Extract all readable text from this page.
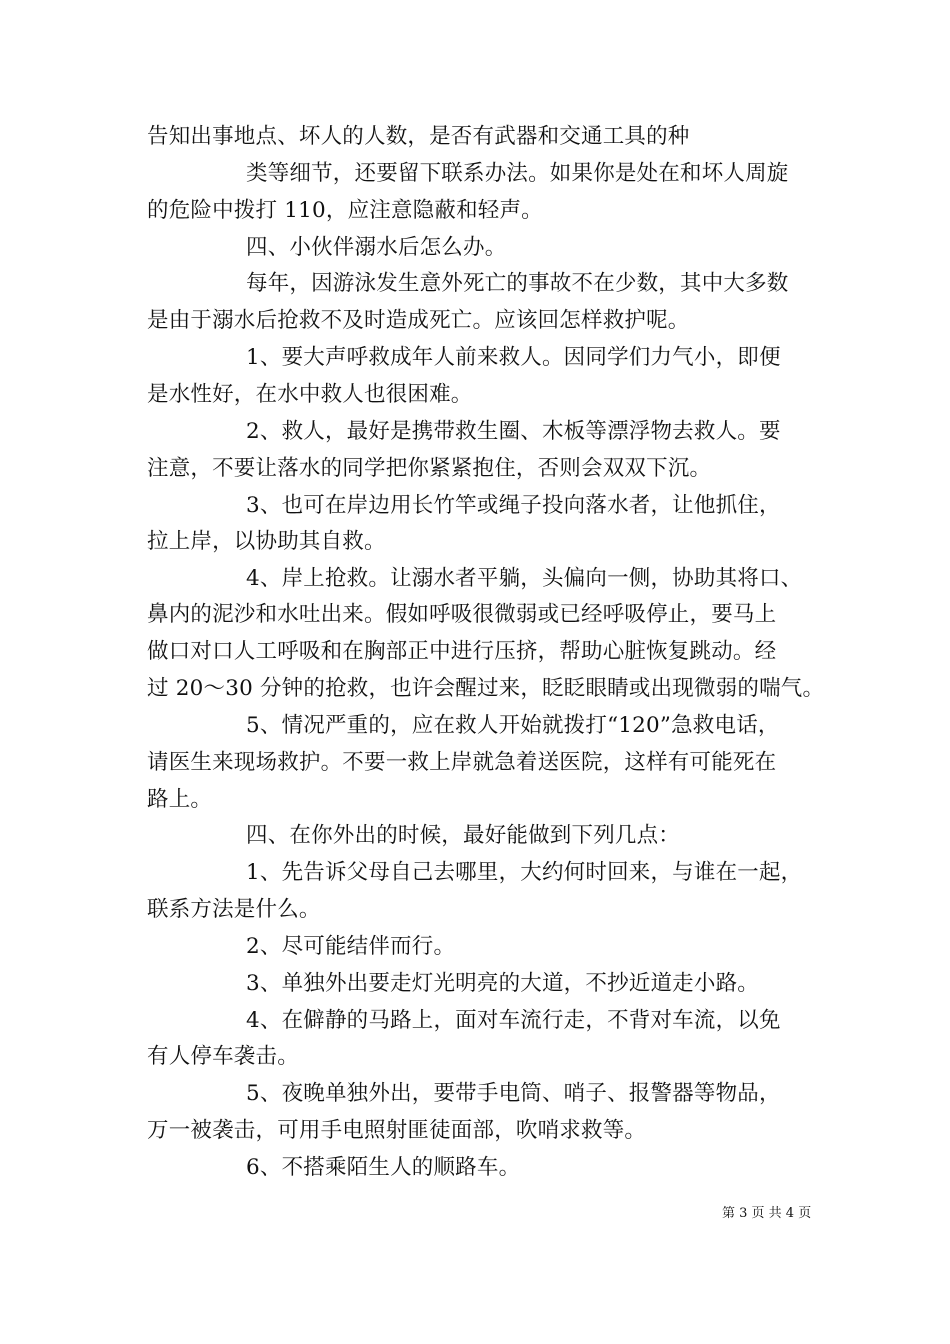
告知出事地点、坏人的人数，是否有武器和交通工具的种
类等细节，还要留下联系办法。如果你是处在和坏人周旋
的危险中拨打 110，应注意隐蔽和轻声。
四、小伙伴溺水后怎么办。
每年，因游泳发生意外死亡的事故不在少数，其中大多数
是由于溺水后抢救不及时造成死亡。应该回怎样救护呢。
1、要大声呼救成年人前来救人。因同学们力气小，即便
是水性好，在水中救人也很困难。
2、救人，最好是携带救生圈、木板等漂浮物去救人。要
注意，不要让落水的同学把你紧紧抱住，否则会双双下沉。
3、也可在岸边用长竹竿或绳子投向落水者，让他抓住，
拉上岸，以协助其自救。
4、岸上抢救。让溺水者平躺，头偏向一侧，协助其将口、
鼻内的泥沙和水吐出来。假如呼吸很微弱或已经呼吸停止，要马上
做口对口人工呼吸和在胸部正中进行压挤，帮助心脏恢复跳动。经
过 20～30 分钟的抢救，也许会醒过来，眨眨眼睛或出现微弱的喘气。
5、情况严重的，应在救人开始就拨打“120”急救电话，
请医生来现场救护。不要一救上岸就急着送医院，这样有可能死在
路上。
四、在你外出的时候，最好能做到下列几点：
1、先告诉父母自己去哪里，大约何时回来，与谁在一起，
联系方法是什么。
2、尽可能结伴而行。
3、单独外出要走灯光明亮的大道，不抄近道走小路。
4、在僻静的马路上，面对车流行走，不背对车流，以免
有人停车袭击。
5、夜晚单独外出，要带手电筒、哨子、报警器等物品，
万一被袭击，可用手电照射匪徒面部，吹哨求救等。
6、不搭乘陌生人的顺路车。
第 3 页 共 4 页
